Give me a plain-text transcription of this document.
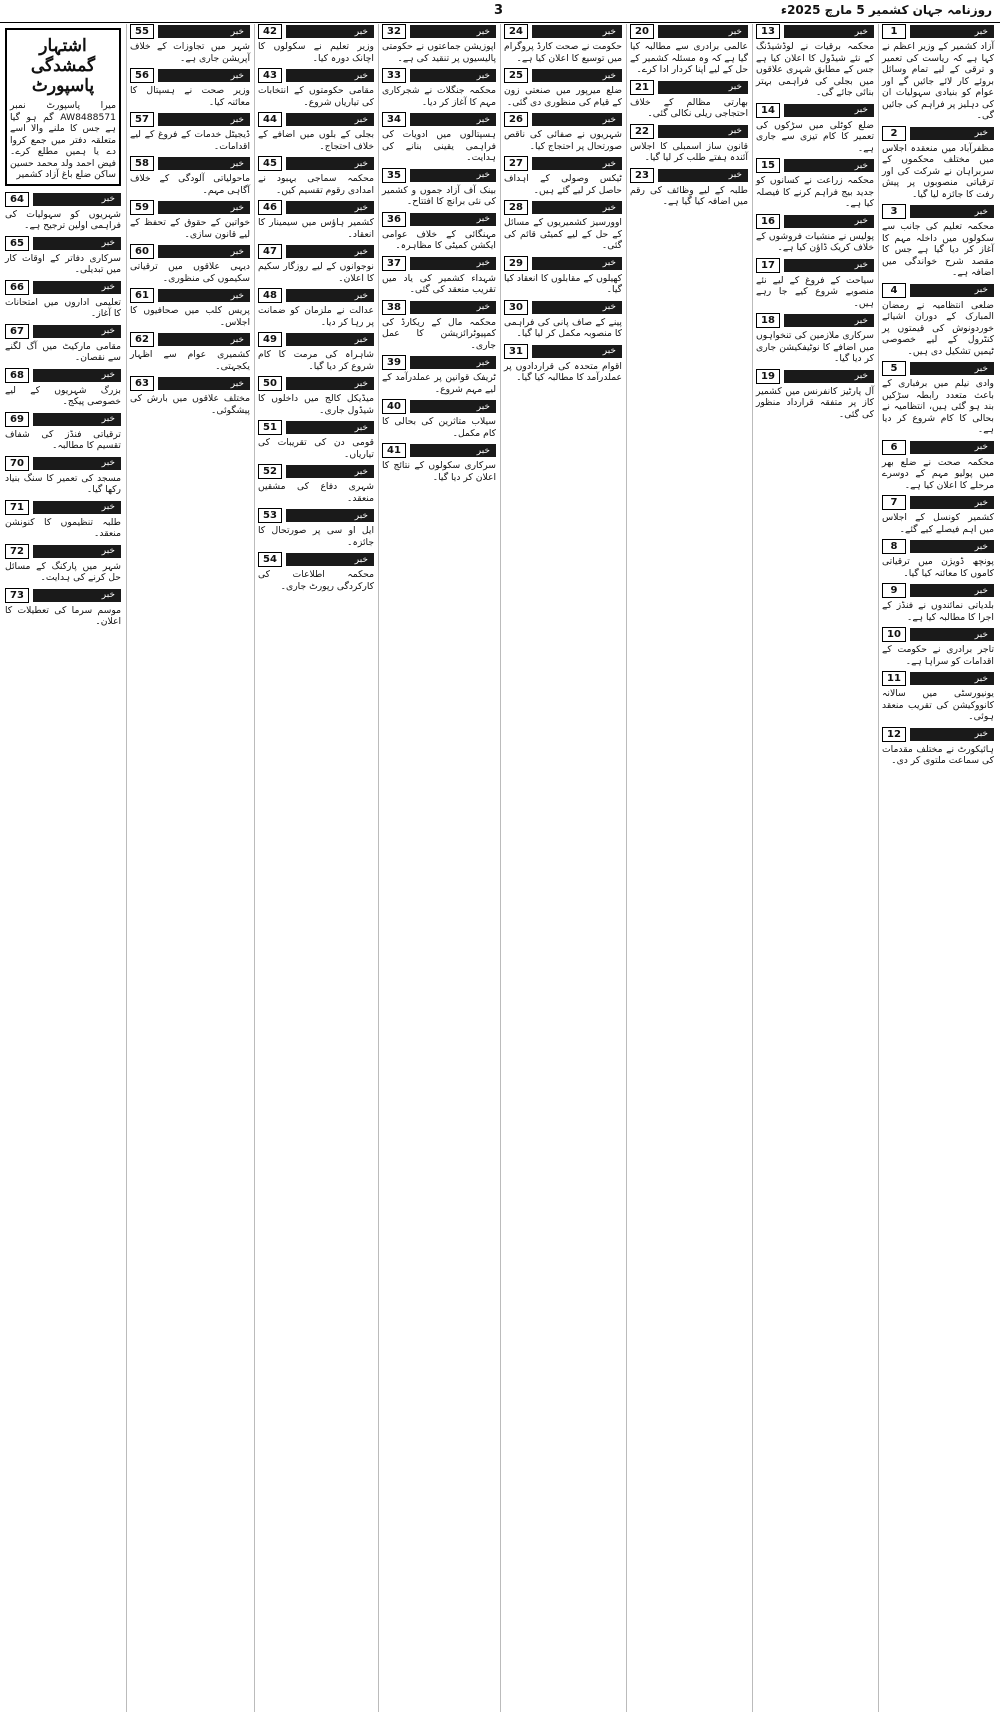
روزنامہ جہان کشمیر 5 مارچ 2025ء
3
1	خبر
آزاد کشمیر کے وزیر اعظم نے کہا ہے کہ ریاست کی تعمیر و ترقی کے لیے تمام وسائل بروئے کار لائے جائیں گے اور عوام کو بنیادی سہولیات ان کی دہلیز پر فراہم کی جائیں گی۔
2	خبر
مظفرآباد میں منعقدہ اجلاس میں مختلف محکموں کے سربراہان نے شرکت کی اور ترقیاتی منصوبوں پر پیش رفت کا جائزہ لیا گیا۔
3	خبر
محکمہ تعلیم کی جانب سے سکولوں میں داخلہ مہم کا آغاز کر دیا گیا ہے جس کا مقصد شرح خواندگی میں اضافہ ہے۔
4	خبر
ضلعی انتظامیہ نے رمضان المبارک کے دوران اشیائے خوردونوش کی قیمتوں پر کنٹرول کے لیے خصوصی ٹیمیں تشکیل دی ہیں۔
5	خبر
وادی نیلم میں برفباری کے باعث متعدد رابطہ سڑکیں بند ہو گئی ہیں، انتظامیہ نے بحالی کا کام شروع کر دیا ہے۔
6	خبر
محکمہ صحت نے ضلع بھر میں پولیو مہم کے دوسرے مرحلے کا اعلان کیا ہے۔
7	خبر
کشمیر کونسل کے اجلاس میں اہم فیصلے کیے گئے۔
8	خبر
پونچھ ڈویژن میں ترقیاتی کاموں کا معائنہ کیا گیا۔
9	خبر
بلدیاتی نمائندوں نے فنڈز کے اجرا کا مطالبہ کیا ہے۔
10	خبر
تاجر برادری نے حکومت کے اقدامات کو سراہا ہے۔
11	خبر
یونیورسٹی میں سالانہ کانووکیشن کی تقریب منعقد ہوئی۔
12	خبر
ہائیکورٹ نے مختلف مقدمات کی سماعت ملتوی کر دی۔
13	خبر
محکمہ برقیات نے لوڈشیڈنگ کے نئے شیڈول کا اعلان کیا ہے جس کے مطابق شہری علاقوں میں بجلی کی فراہمی بہتر بنائی جائے گی۔
14	خبر
ضلع کوٹلی میں سڑکوں کی تعمیر کا کام تیزی سے جاری ہے۔
15	خبر
محکمہ زراعت نے کسانوں کو جدید بیج فراہم کرنے کا فیصلہ کیا ہے۔
16	خبر
پولیس نے منشیات فروشوں کے خلاف کریک ڈاؤن کیا ہے۔
17	خبر
سیاحت کے فروغ کے لیے نئے منصوبے شروع کیے جا رہے ہیں۔
18	خبر
سرکاری ملازمین کی تنخواہوں میں اضافے کا نوٹیفکیشن جاری کر دیا گیا۔
19	خبر
آل پارٹیز کانفرنس میں کشمیر کاز پر متفقہ قرارداد منظور کی گئی۔
20	خبر
عالمی برادری سے مطالبہ کیا گیا ہے کہ وہ مسئلہ کشمیر کے حل کے لیے اپنا کردار ادا کرے۔
21	خبر
بھارتی مظالم کے خلاف احتجاجی ریلی نکالی گئی۔
22	خبر
قانون ساز اسمبلی کا اجلاس آئندہ ہفتے طلب کر لیا گیا۔
23	خبر
طلبہ کے لیے وظائف کی رقم میں اضافہ کیا گیا ہے۔
24	خبر
حکومت نے صحت کارڈ پروگرام میں توسیع کا اعلان کیا ہے۔
25	خبر
ضلع میرپور میں صنعتی زون کے قیام کی منظوری دی گئی۔
26	خبر
شہریوں نے صفائی کی ناقص صورتحال پر احتجاج کیا۔
27	خبر
ٹیکس وصولی کے اہداف حاصل کر لیے گئے ہیں۔
28	خبر
اوورسیز کشمیریوں کے مسائل کے حل کے لیے کمیٹی قائم کی گئی۔
29	خبر
کھیلوں کے مقابلوں کا انعقاد کیا گیا۔
30	خبر
پینے کے صاف پانی کی فراہمی کا منصوبہ مکمل کر لیا گیا۔
31	خبر
اقوام متحدہ کی قراردادوں پر عملدرآمد کا مطالبہ کیا گیا۔
32	خبر
اپوزیشن جماعتوں نے حکومتی پالیسیوں پر تنقید کی ہے۔
33	خبر
محکمہ جنگلات نے شجرکاری مہم کا آغاز کر دیا۔
34	خبر
ہسپتالوں میں ادویات کی فراہمی یقینی بنانے کی ہدایت۔
35	خبر
بینک آف آزاد جموں و کشمیر کی نئی برانچ کا افتتاح۔
36	خبر
مہنگائی کے خلاف عوامی ایکشن کمیٹی کا مظاہرہ۔
37	خبر
شہداء کشمیر کی یاد میں تقریب منعقد کی گئی۔
38	خبر
محکمہ مال کے ریکارڈ کی کمپیوٹرائزیشن کا عمل جاری۔
39	خبر
ٹریفک قوانین پر عملدرآمد کے لیے مہم شروع۔
40	خبر
سیلاب متاثرین کی بحالی کا کام مکمل۔
41	خبر
سرکاری سکولوں کے نتائج کا اعلان کر دیا گیا۔
42	خبر
وزیر تعلیم نے سکولوں کا اچانک دورہ کیا۔
43	خبر
مقامی حکومتوں کے انتخابات کی تیاریاں شروع۔
44	خبر
بجلی کے بلوں میں اضافے کے خلاف احتجاج۔
45	خبر
محکمہ سماجی بہبود نے امدادی رقوم تقسیم کیں۔
46	خبر
کشمیر ہاؤس میں سیمینار کا انعقاد۔
47	خبر
نوجوانوں کے لیے روزگار سکیم کا اعلان۔
48	خبر
عدالت نے ملزمان کو ضمانت پر رہا کر دیا۔
49	خبر
شاہراہ کی مرمت کا کام شروع کر دیا گیا۔
50	خبر
میڈیکل کالج میں داخلوں کا شیڈول جاری۔
51	خبر
قومی دن کی تقریبات کی تیاریاں۔
52	خبر
شہری دفاع کی مشقیں منعقد۔
53	خبر
ایل او سی پر صورتحال کا جائزہ۔
54	خبر
محکمہ اطلاعات کی کارکردگی رپورٹ جاری۔
55	خبر
شہر میں تجاوزات کے خلاف آپریشن جاری ہے۔
56	خبر
وزیر صحت نے ہسپتال کا معائنہ کیا۔
57	خبر
ڈیجیٹل خدمات کے فروغ کے لیے اقدامات۔
58	خبر
ماحولیاتی آلودگی کے خلاف آگاہی مہم۔
59	خبر
خواتین کے حقوق کے تحفظ کے لیے قانون سازی۔
60	خبر
دیہی علاقوں میں ترقیاتی سکیموں کی منظوری۔
61	خبر
پریس کلب میں صحافیوں کا اجلاس۔
62	خبر
کشمیری عوام سے اظہار یکجہتی۔
63	خبر
مختلف علاقوں میں بارش کی پیشگوئی۔
اشتہار گمشدگی پاسپورٹ
میرا پاسپورٹ نمبر AW8488571 گم ہو گیا ہے جس کا ملنے والا اسے متعلقہ دفتر میں جمع کروا دے یا ہمیں مطلع کرے۔ فیض احمد ولد محمد حسین ساکن ضلع باغ آزاد کشمیر
64	خبر
شہریوں کو سہولیات کی فراہمی اولین ترجیح ہے۔
65	خبر
سرکاری دفاتر کے اوقات کار میں تبدیلی۔
66	خبر
تعلیمی اداروں میں امتحانات کا آغاز۔
67	خبر
مقامی مارکیٹ میں آگ لگنے سے نقصان۔
68	خبر
بزرگ شہریوں کے لیے خصوصی پیکج۔
69	خبر
ترقیاتی فنڈز کی شفاف تقسیم کا مطالبہ۔
70	خبر
مسجد کی تعمیر کا سنگ بنیاد رکھا گیا۔
71	خبر
طلبہ تنظیموں کا کنونشن منعقد۔
72	خبر
شہر میں پارکنگ کے مسائل حل کرنے کی ہدایت۔
73	خبر
موسم سرما کی تعطیلات کا اعلان۔
